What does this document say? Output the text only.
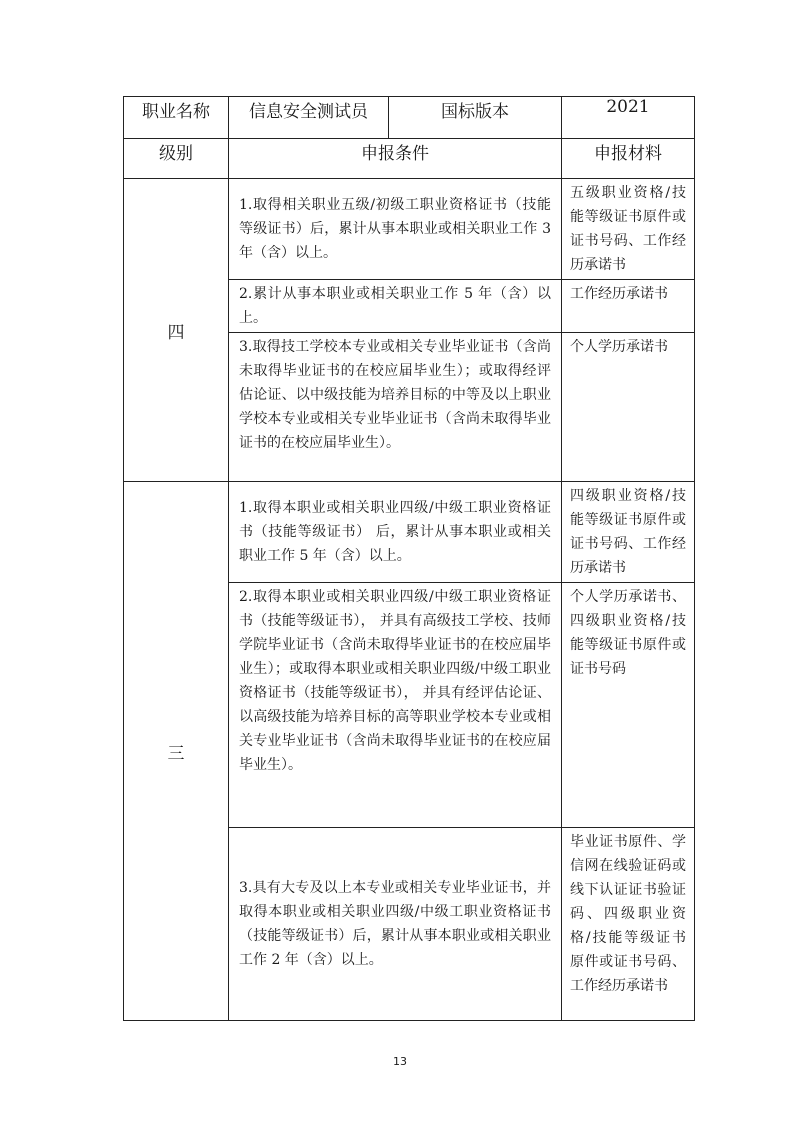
职业名称	信息安全测试员	国标版本	2021
级别	申报条件		申报材料
四	1.取得相关职业五级/初级工职业资格证书（技能等级证书）后，累计从事本职业或相关职业工作 3 年（含）以上。		五级职业资格/技能等级证书原件或证书号码、工作经历承诺书
	2.累计从事本职业或相关职业工作 5 年（含）以上。		工作经历承诺书
	3.取得技工学校本专业或相关专业毕业证书（含尚未取得毕业证书的在校应届毕业生）；或取得经评估论证、以中级技能为培养目标的中等及以上职业学校本专业或相关专业毕业证书（含尚未取得毕业证书的在校应届毕业生）。		个人学历承诺书
三	1.取得本职业或相关职业四级/中级工职业资格证书（技能等级证书） 后，累计从事本职业或相关职业工作 5 年（含）以上。		四级职业资格/技能等级证书原件或证书号码、工作经历承诺书
	2.取得本职业或相关职业四级/中级工职业资格证书（技能等级证书）， 并具有高级技工学校、技师学院毕业证书（含尚未取得毕业证书的在校应届毕 业生）；或取得本职业或相关职业四级/中级工职业资格证书（技能等级证书）， 并具有经评估论证、以高级技能为培养目标的高等职业学校本专业或相关专业毕业证书（含尚未取得毕业证书的在校应届毕业生）。		个人学历承诺书、四级职业资格/技能等级证书原件或证书号码
	3.具有大专及以上本专业或相关专业毕业证书，并取得本职业或相关职业四级/中级工职业资格证书（技能等级证书）后，累计从事本职业或相关职业工作 2 年（含）以上。		毕业证书原件、学信网在线验证码或线下认证证书验证码、四级职业资格/技能等级证书原件或证书号码、工作经历承诺书
13
